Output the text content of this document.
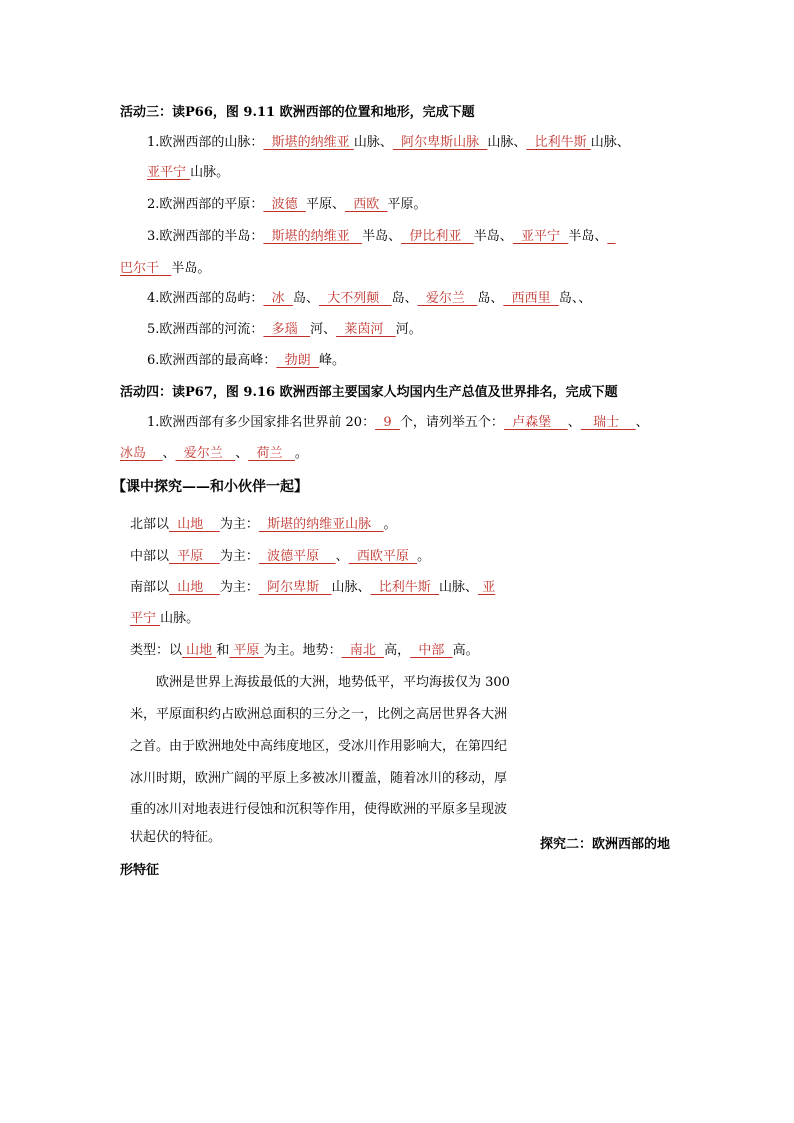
活动三：读P66，图 9.11 欧洲西部的位置和地形，完成下题
1.欧洲西部的山脉：  斯堪的纳维亚 山脉、  阿尔卑斯山脉  山脉、  比利牛斯 山脉、
亚平宁 山脉。
2.欧洲西部的平原：  波德  平原、  西欧  平原。
3.欧洲西部的半岛：  斯堪的纳维亚   半岛、  伊比利亚   半岛、  亚平宁  半岛、
巴尔干   半岛。
4.欧洲西部的岛屿：  冰  岛、  大不列颠   岛、  爱尔兰   岛、  西西里  岛、、
5.欧洲西部的河流：  多瑙   河、  莱茵河   河。
6.欧洲西部的最高峰：  勃朗  峰。
活动四：读P67，图 9.16 欧洲西部主要国家人均国内生产总值及世界排名，完成下题
1.欧洲西部有多少国家排名世界前 20：  9  个，请列举五个：  卢森堡    、   瑞士    、
冰岛    、  爱尔兰   、  荷兰   。
【课中探究——和小伙伴一起】
北部以  山地    为主：  斯堪的纳维亚山脉   。
中部以  平原    为主：  波德平原    、  西欧平原  。
南部以  山地    为主：  阿尔卑斯   山脉、  比利牛斯  山脉、 亚
平宁 山脉。
类型：以 山地 和 平原 为主。地势：  南北  高，  中部  高。
欧洲是世界上海拔最低的大洲，地势低平，平均海拔仅为 300
米，平原面积约占欧洲总面积的三分之一，比例之高居世界各大洲
之首。由于欧洲地处中高纬度地区，受冰川作用影响大，在第四纪
冰川时期，欧洲广阔的平原上多被冰川覆盖，随着冰川的移动，厚
重的冰川对地表进行侵蚀和沉积等作用，使得欧洲的平原多呈现波
状起伏的特征。	探究二：欧洲西部的地
形特征
